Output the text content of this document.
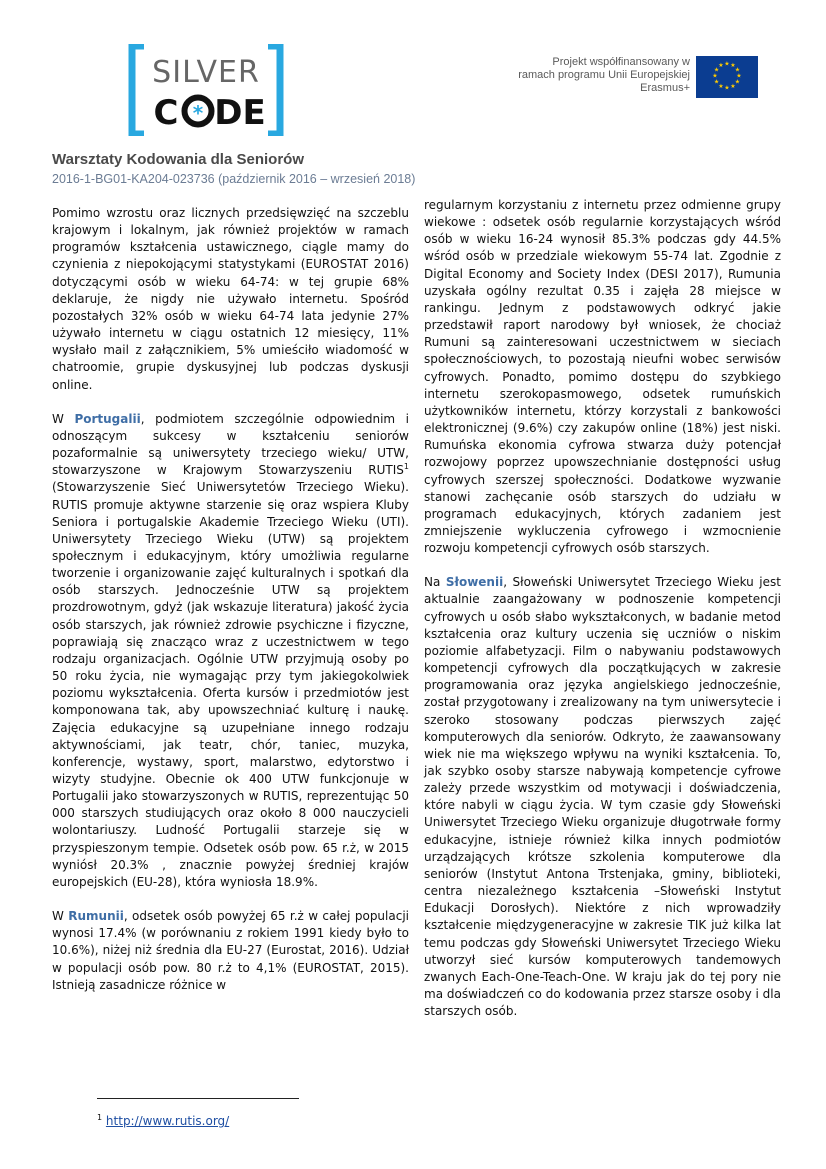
SILVER
C * DE
Projekt współfinansowany w
ramach programu Unii Europejskiej
Erasmus+
★ ★
★
★
★
★
★
★
★
★
★
★
Warsztaty Kodowania dla Seniorów
2016-1-BG01-KA204-023736 (październik 2016 – wrzesień 2018)

Pomimo wzrostu oraz licznych przedsięwzięć na szczeblu krajowym i lokalnym, jak również projektów w ramach programów kształcenia ustawicznego, ciągle mamy do czynienia z niepokojącymi statystykami (EUROSTAT 2016) dotyczącymi osób w wieku 64-74: w tej grupie 68% deklaruje, że nigdy nie używało internetu. Spośród pozostałych 32% osób w wieku 64-74 lata jedynie 27% używało internetu w ciągu ostatnich 12 miesięcy, 11% wysłało mail z załącznikiem, 5% umieściło wiadomość w chatroomie, grupie dyskusyjnej lub podczas dyskusji online.

W Portugalii, podmiotem szczególnie odpowiednim i odnoszącym sukcesy w kształceniu seniorów pozaformalnie są uniwersytety trzeciego wieku/ UTW, stowarzyszone w Krajowym Stowarzyszeniu RUTIS$^1$ (Stowarzyszenie Sieć Uniwersytetów Trzeciego Wieku). RUTIS promuje aktywne starzenie się oraz wspiera Kluby Seniora i portugalskie Akademie Trzeciego Wieku (UTI). Uniwersytety Trzeciego Wieku (UTW) są projektem społecznym i edukacyjnym, który umożliwia regularne tworzenie i organizowanie zajęć kulturalnych i spotkań dla osób starszych. Jednocześnie UTW są projektem prozdrowotnym, gdyż (jak wskazuje literatura) jakość życia osób starszych, jak również zdrowie psychiczne i fizyczne, poprawiają się znacząco wraz z uczestnictwem w tego rodzaju organizacjach. Ogólnie UTW przyjmują osoby po 50 roku życia, nie wymagając przy tym jakiegokolwiek poziomu wykształcenia. Oferta kursów i przedmiotów jest komponowana tak, aby upowszechniać kulturę i naukę. Zajęcia edukacyjne są uzupełniane innego rodzaju aktywnościami, jak teatr, chór, taniec, muzyka, konferencje, wystawy, sport, malarstwo, edytorstwo i wizyty studyjne. Obecnie ok 400 UTW funkcjonuje w Portugalii jako stowarzyszonych w RUTIS, reprezentując 50 000 starszych studiujących oraz około 8 000 nauczycieli wolontariuszy. Ludność Portugalii starzeje się w przyspieszonym tempie. Odsetek osób pow. 65 r.ż, w 2015 wyniósł 20.3% , znacznie powyżej średniej krajów europejskich (EU-28), która wyniosła 18.9%.

W Rumunii, odsetek osób powyżej 65 r.ż w całej populacji wynosi 17.4% (w porównaniu z rokiem 1991 kiedy było to 10.6%), niżej niż średnia dla EU-27 (Eurostat, 2016). Udział w populacji osób pow. 80 r.ż to 4,1% (EUROSTAT, 2015). Istnieją zasadnicze różnice w

regularnym korzystaniu z internetu przez odmienne grupy wiekowe : odsetek osób regularnie korzystających wśród osób w wieku 16-24 wynosił 85.3% podczas gdy 44.5% wśród osób w przedziale wiekowym 55-74 lat. Zgodnie z Digital Economy and Society Index (DESI 2017), Rumunia uzyskała ogólny rezultat 0.35 i zajęła 28 miejsce w rankingu. Jednym z podstawowych odkryć jakie przedstawił raport narodowy był wniosek, że chociaż Rumuni są zainteresowani uczestnictwem w sieciach społecznościowych, to pozostają nieufni wobec serwisów cyfrowych. Ponadto, pomimo dostępu do szybkiego internetu szerokopasmowego, odsetek rumuńskich użytkowników internetu, którzy korzystali z bankowości elektronicznej (9.6%) czy zakupów online (18%) jest niski. Rumuńska ekonomia cyfrowa stwarza duży potencjał rozwojowy poprzez upowszechnianie dostępności usług cyfrowych szerszej społeczności. Dodatkowe wyzwanie stanowi zachęcanie osób starszych do udziału w programach edukacyjnych, których zadaniem jest zmniejszenie wykluczenia cyfrowego i wzmocnienie rozwoju kompetencji cyfrowych osób starszych.

Na Słowenii, Słoweński Uniwersytet Trzeciego Wieku jest aktualnie zaangażowany w podnoszenie kompetencji cyfrowych u osób słabo wykształconych, w badanie metod kształcenia oraz kultury uczenia się uczniów o niskim poziomie alfabetyzacji. Film o nabywaniu podstawowych kompetencji cyfrowych dla początkujących w zakresie programowania oraz języka angielskiego jednocześnie, został przygotowany i zrealizowany na tym uniwersytecie i szeroko stosowany podczas pierwszych zajęć komputerowych dla seniorów. Odkryto, że zaawansowany wiek nie ma większego wpływu na wyniki kształcenia. To, jak szybko osoby starsze nabywają kompetencje cyfrowe zależy przede wszystkim od motywacji i doświadczenia, które nabyli w ciągu życia. W tym czasie gdy Słoweński Uniwersytet Trzeciego Wieku organizuje długotrwałe formy edukacyjne, istnieje również kilka innych podmiotów urządzających krótsze szkolenia komputerowe dla seniorów (Instytut Antona Trstenjaka, gminy, biblioteki, centra niezależnego kształcenia –Słoweński Instytut Edukacji Dorosłych). Niektóre z nich wprowadziły kształcenie międzygeneracyjne w zakresie TIK już kilka lat temu podczas gdy Słoweński Uniwersytet Trzeciego Wieku utworzył sieć kursów komputerowych tandemowych zwanych Each-One-Teach-One. W kraju jak do tej pory nie ma doświadczeń co do kodowania przez starsze osoby i dla starszych osób.

$^1$ http://www.rutis.org/
